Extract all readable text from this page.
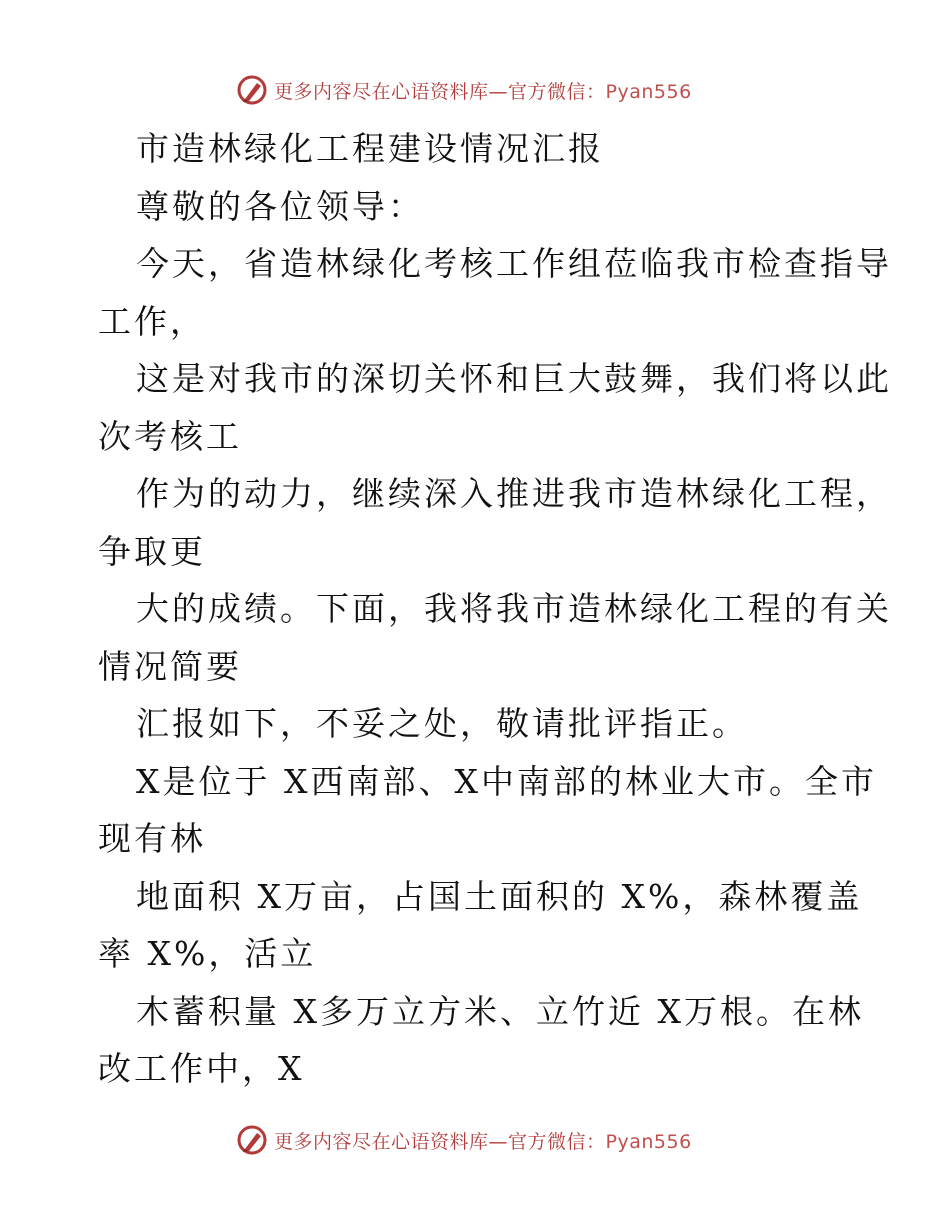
更多内容尽在心语资料库—官方微信：Pyan556
市造林绿化工程建设情况汇报
尊敬的各位领导：
今天，省造林绿化考核工作组莅临我市检查指导
工作，
这是对我市的深切关怀和巨大鼓舞，我们将以此
次考核工
作为的动力，继续深入推进我市造林绿化工程，
争取更
大的成绩。下面，我将我市造林绿化工程的有关
情况简要
汇报如下，不妥之处，敬请批评指正。
X是位于 X西南部、X中南部的林业大市。全市
现有林
地面积 X万亩，占国土面积的 X%，森林覆盖
率 X%，活立
木蓄积量 X多万立方米、立竹近 X万根。在林
改工作中，X
更多内容尽在心语资料库—官方微信：Pyan556
